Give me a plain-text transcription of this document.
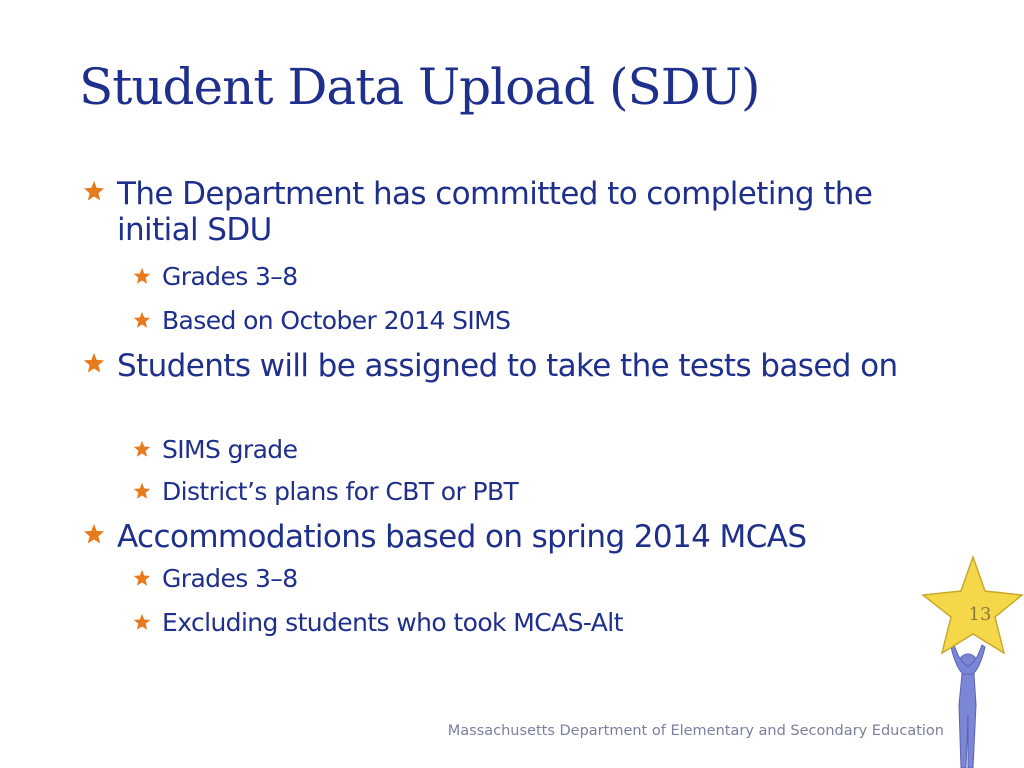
Student Data Upload (SDU)
The Department has committed to completing the initial SDU
Grades 3–8
Based on October 2014 SIMS
Students will be assigned to take the tests based on
SIMS grade
District’s plans for CBT or PBT
Accommodations based on spring 2014 MCAS
Grades 3–8
Excluding students who took MCAS-Alt	13
Massachusetts Department of Elementary and Secondary Education
